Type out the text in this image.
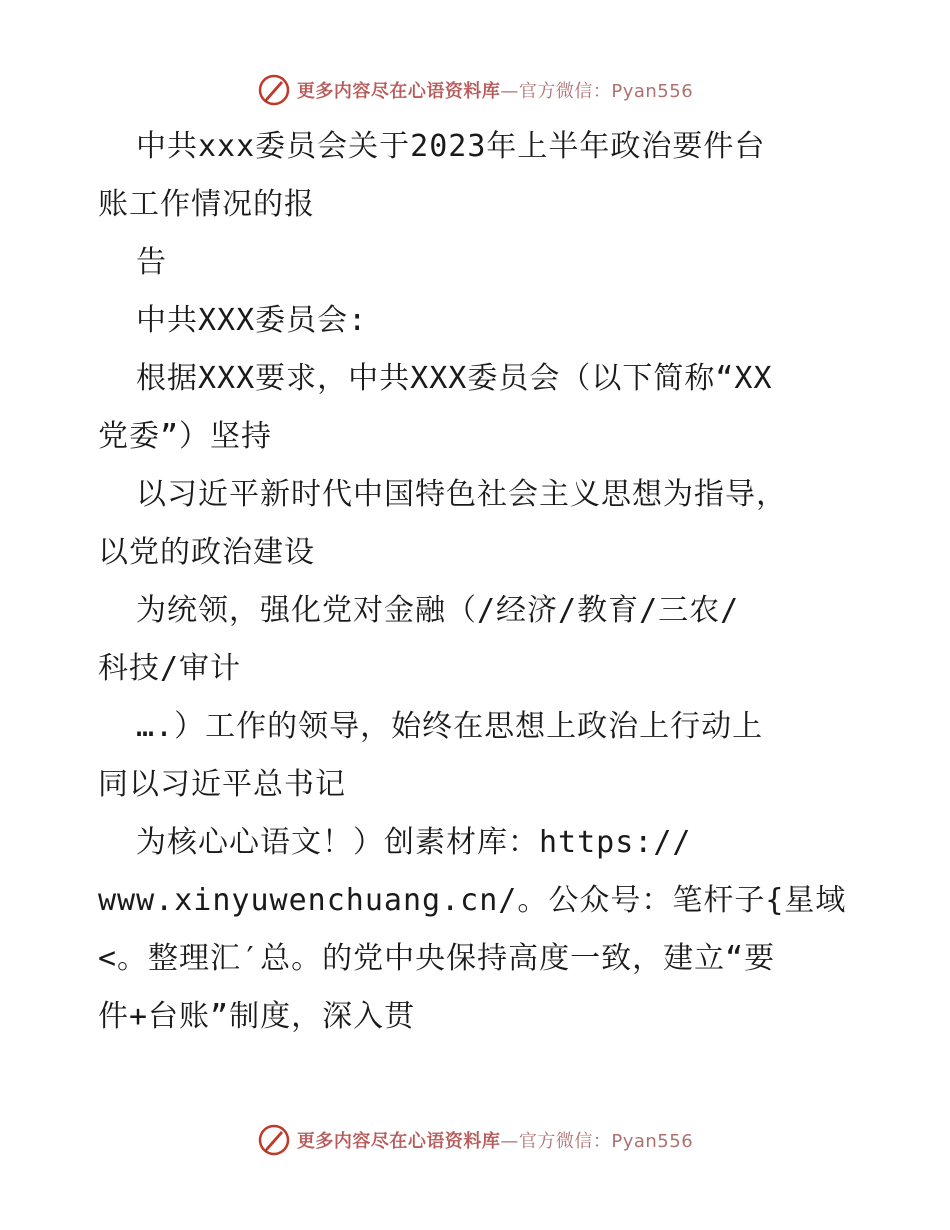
更多内容尽在心语资料库 —官方微信：Pyan556
中共xxx委员会关于2023年上半年政治要件台
账工作情况的报
告
中共XXX委员会:
根据XXX要求，中共XXX委员会（以下简称“XX
党委”）坚持
以习近平新时代中国特色社会主义思想为指导，
以党的政治建设
为统领，强化党对金融（/经济/教育/三农/
科技/审计
….）工作的领导，始终在思想上政治上行动上
同以习近平总书记
为核心心语文！）创素材库：https://
www.xinyuwenchuang.cn/。公众号：笔杆子{星域
<。整理汇′总。的党中央保持高度一致，建立“要
件+台账”制度，深入贯
更多内容尽在心语资料库 —官方微信：Pyan556
